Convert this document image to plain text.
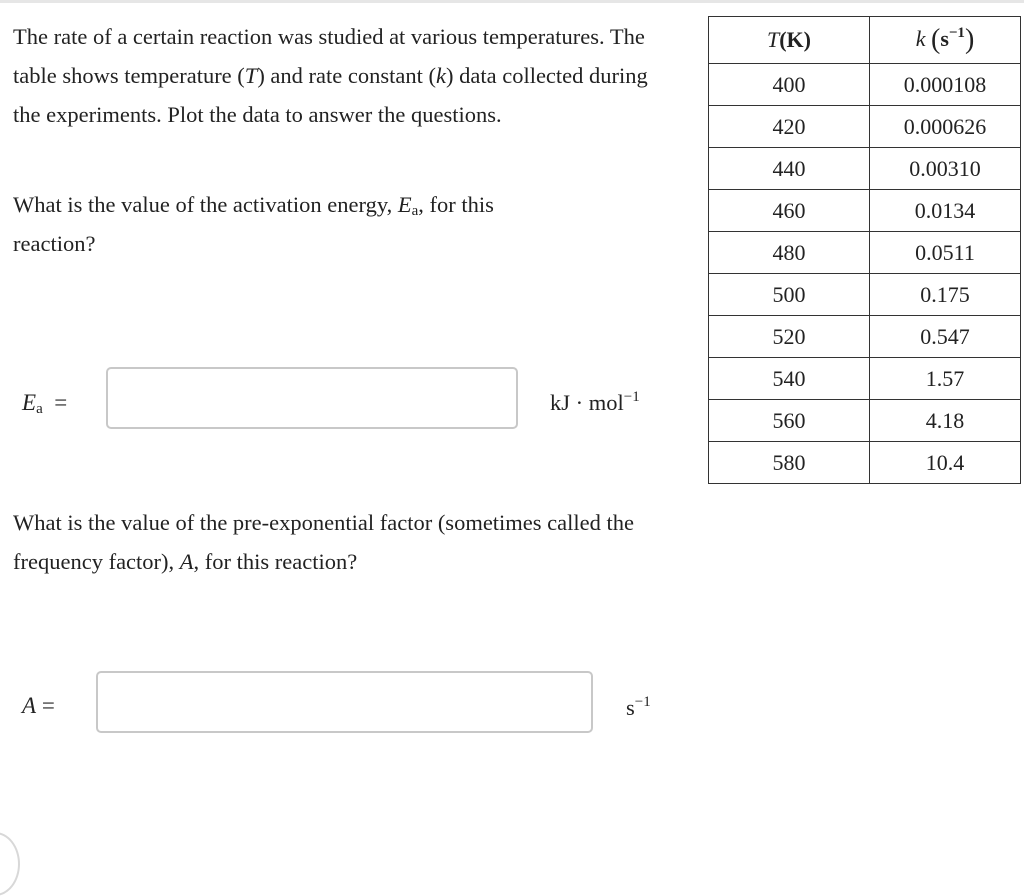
The rate of a certain reaction was studied at various temperatures. The table shows temperature (T) and rate constant (k) data collected during the experiments. Plot the data to answer the questions.

What is the value of the activation energy, $E_a$, for this reaction?

$E_a$ =	kJ · mol$^{-1}$

What is the value of the pre-exponential factor (sometimes called the frequency factor), A, for this reaction?

A =	$s^{-1}$
T(K)	k $(s^{-1})$
400	0.000108
420	0.000626
440	0.00310
460	0.0134
480	0.0511
500	0.175
520	0.547
540	1.57
560	4.18
580	10.4
